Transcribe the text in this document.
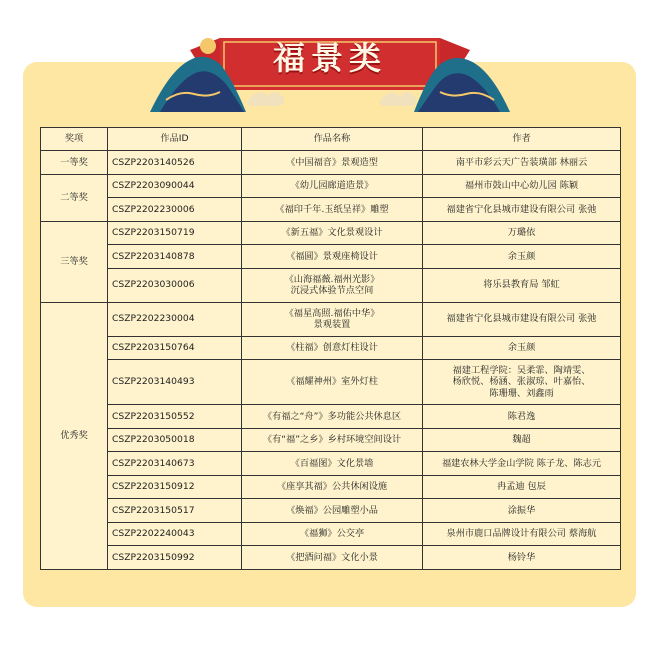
福景类
奖项	作品ID	作品名称	作者
一等奖	CSZP2203140526	《中国福音》景观造型	南平市彩云天广告装璜部 林丽云

二等奖	CSZP2203090044	《幼儿园廊道造景》	福州市鼓山中心幼儿园 陈颖

	CSZP2202230006	《福印千年.玉纸呈祥》雕塑	福建省宁化县城市建设有限公司 张弛

三等奖	CSZP2203150719	《新五福》文化景观设计	万璐依

	CSZP2203140878	《福圆》景观座椅设计	余玉颜

	CSZP2203030006	《山海福薇.福州光影》
沉浸式体验节点空间	将乐县教育局 邹虹

优秀奖	CSZP2202230004	《福星高照.福佑中华》
景观装置	福建省宁化县城市建设有限公司 张弛

	CSZP2203150764	《柱福》创意灯柱设计	余玉颜

	CSZP2203140493	《福耀神州》室外灯柱	福建工程学院：吴柔霏、陶靖雯、
杨欣悦、杨涵、张淑琼、叶嘉怡、
陈珊珊、刘鑫雨

	CSZP2203150552	《有福之“舟”》多功能公共休息区	陈君逸

	CSZP2203050018	《有“福”之乡》乡村环境空间设计	魏超

	CSZP2203140673	《百福图》文化景墙	福建农林大学金山学院 陈子龙、陈志元

	CSZP2203150912	《座享其福》公共休闲设施	冉孟迪 包辰

	CSZP2203150517	《焕福》公园雕塑小品	涂振华

	CSZP2202240043	《福狮》公交亭	泉州市鹿口品牌设计有限公司 蔡海航

	CSZP2203150992	《把酒问福》文化小景	杨铃华
